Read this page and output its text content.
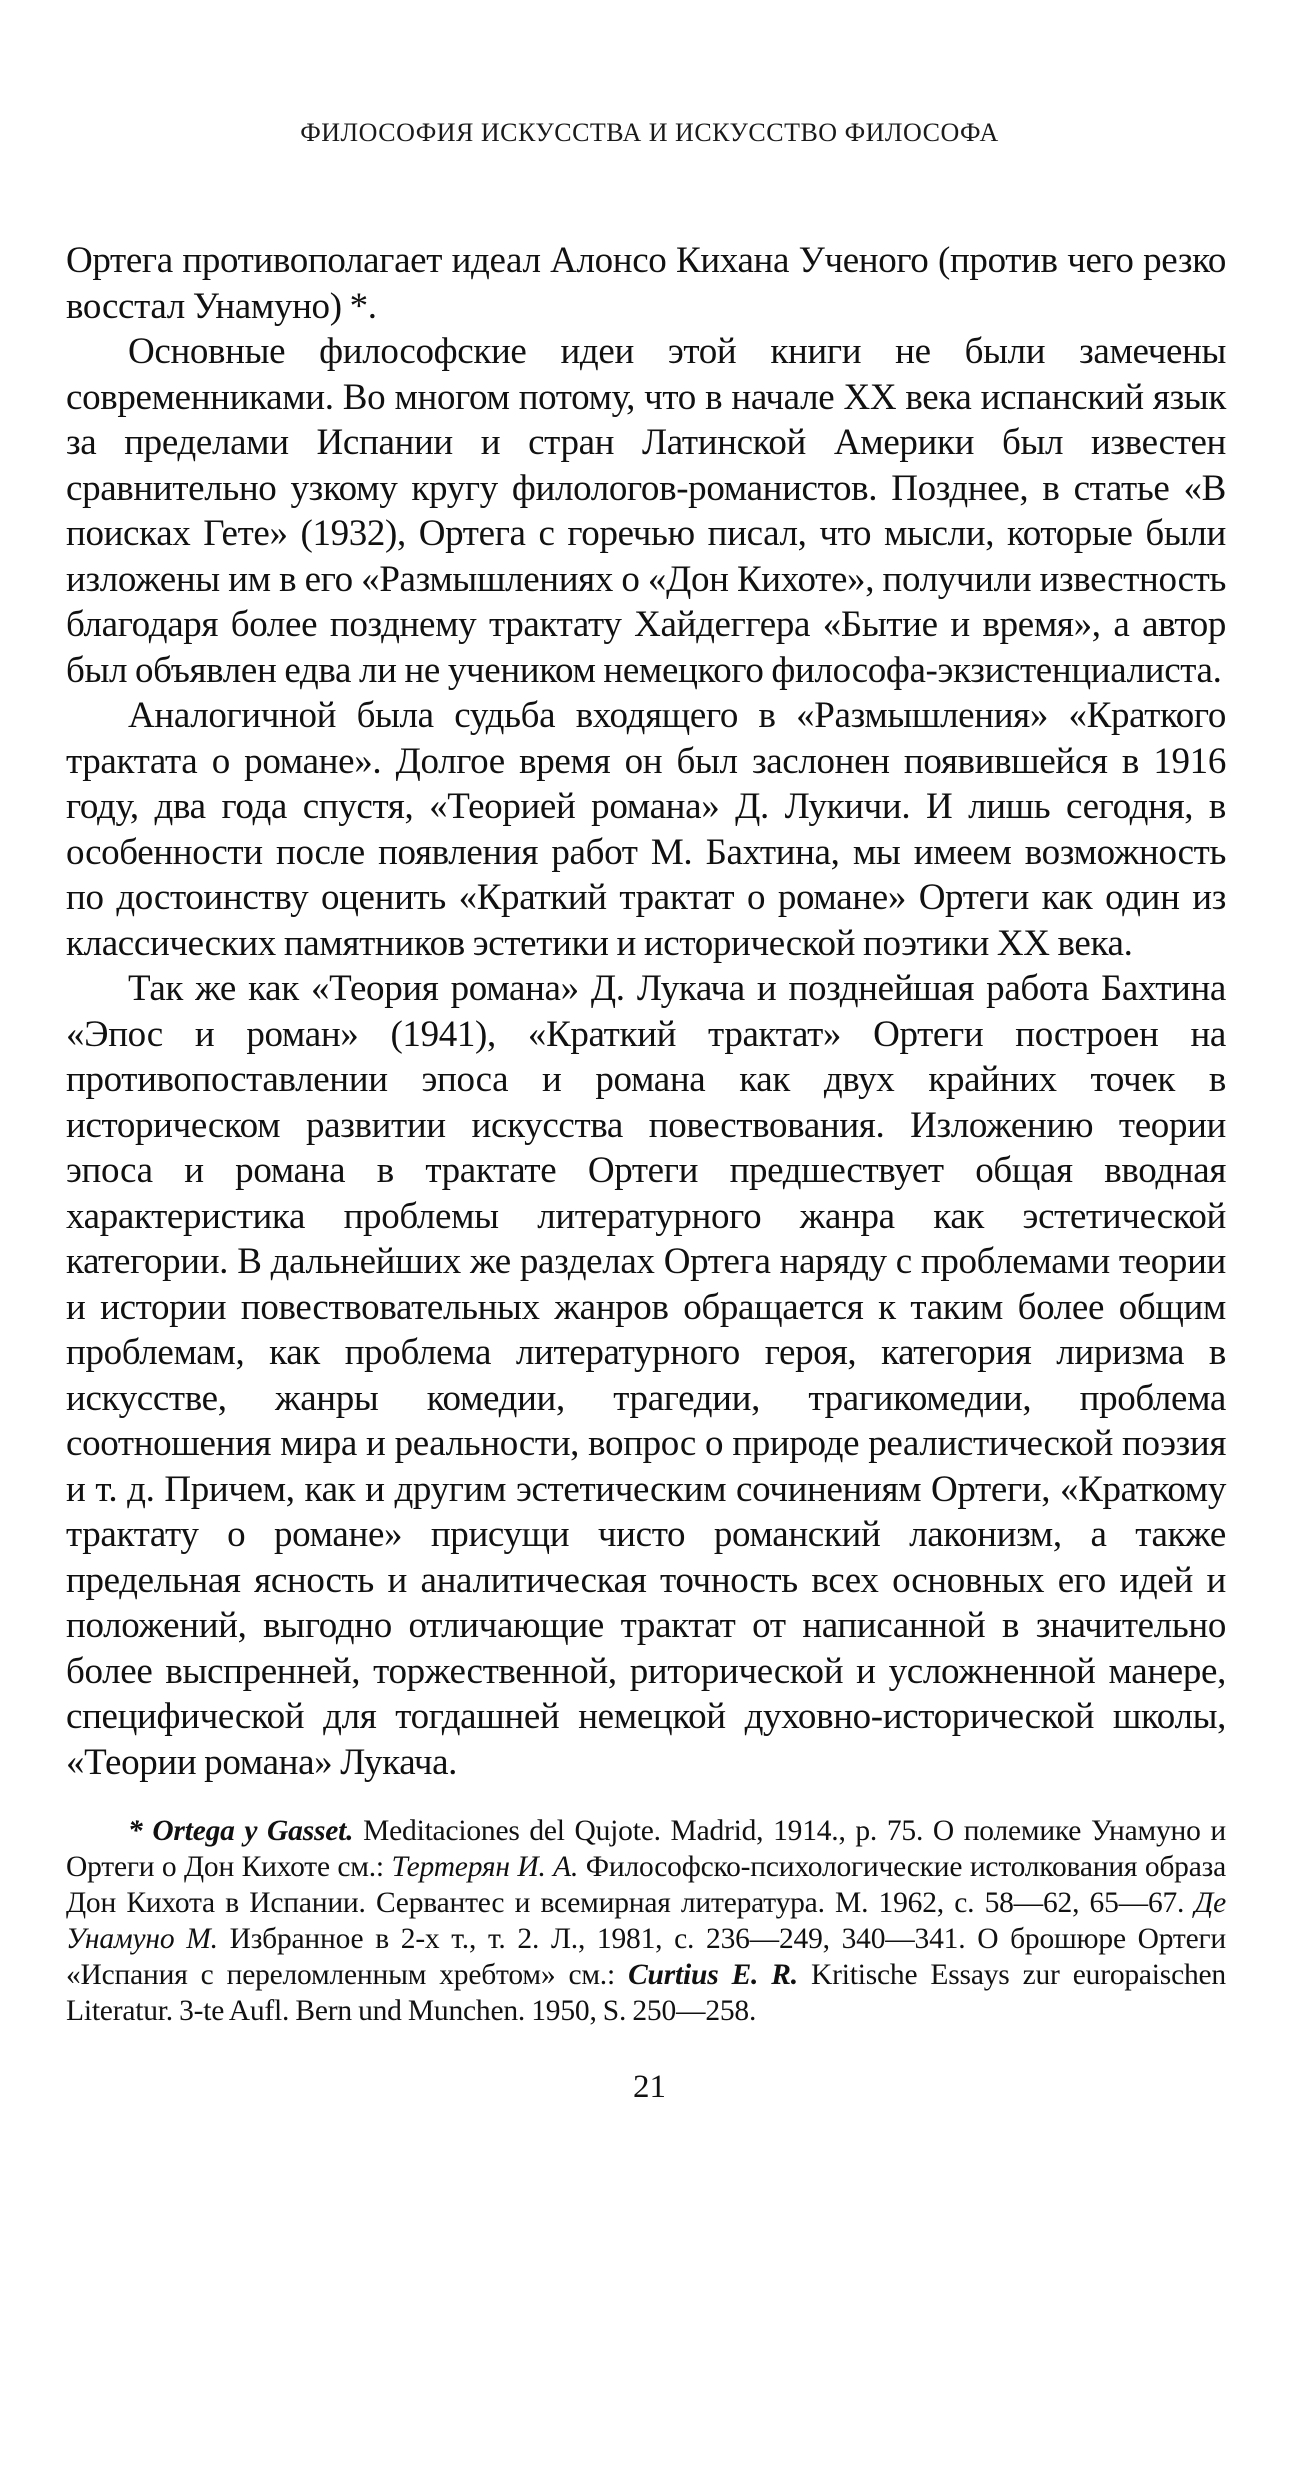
ФИЛОСОФИЯ ИСКУССТВА И ИСКУССТВО ФИЛОСОФА

Ортега противополагает идеал Алонсо Кихана Ученого (против чего резко восстал Унамуно) *.

Основные философские идеи этой книги не были замечены современниками. Во многом потому, что в начале XX века испанский язык за пределами Испании и стран Латинской Америки был известен сравнительно узкому кругу филологов-романистов. Позднее, в статье «В поисках Гете» (1932), Ортега с горечью писал, что мысли, которые были изложены им в его «Размышлениях о «Дон Кихоте», получили известность благодаря более позднему трактату Хайдеггера «Бытие и время», а автор был объявлен едва ли не учеником немецкого философа-экзистенциалиста.

Аналогичной была судьба входящего в «Размышления» «Краткого трактата о романе». Долгое время он был заслонен появившейся в 1916 году, два года спустя, «Теорией романа» Д. Лукичи. И лишь сегодня, в особенности после появления работ М. Бахтина, мы имеем возможность по достоинству оценить «Краткий трактат о романе» Ортеги как один из классических памятников эстетики и исторической поэтики XX века.

Так же как «Теория романа» Д. Лукача и позднейшая работа Бахтина «Эпос и роман» (1941), «Краткий трактат» Ортеги построен на противопоставлении эпоса и романа как двух крайних точек в историческом развитии искусства повествования. Изложению теории эпоса и романа в трактате Ортеги предшествует общая вводная характеристика проблемы литературного жанра как эстетической категории. В дальнейших же разделах Ортега наряду с проблемами теории и истории повествовательных жанров обращается к таким более общим проблемам, как проблема литературного героя, категория лиризма в искусстве, жанры комедии, трагедии, трагикомедии, проблема соотношения мира и реальности, вопрос о природе реалистической поэзия и т. д. Причем, как и другим эстетическим сочинениям Ортеги, «Краткому трактату о романе» присущи чисто романский лаконизм, а также предельная ясность и аналитическая точность всех основных его идей и положений, выгодно отличающие трактат от написанной в значительно более выспренней, торжественной, риторической и усложненной манере, специфической для тогдашней немецкой духовно-исторической школы, «Теории романа» Лукача.

* Ortega y Gasset. Meditaciones del Qujote. Madrid, 1914., p. 75. О полемике Унамуно и Ортеги о Дон Кихоте см.: Тертерян И. А. Философско-психологические истолкования образа Дон Кихота в Испании. Сервантес и всемирная литература. М. 1962, с. 58—62, 65—67. Де Унамуно М. Избранное в 2-х т., т. 2. Л., 1981, с. 236—249, 340—341. О брошюре Ортеги «Испания с переломленным хребтом» см.: Curtius E. R. Kritische Essays zur europaischen Literatur. 3-te Aufl. Bern und Munchen. 1950, S. 250—258.

21
